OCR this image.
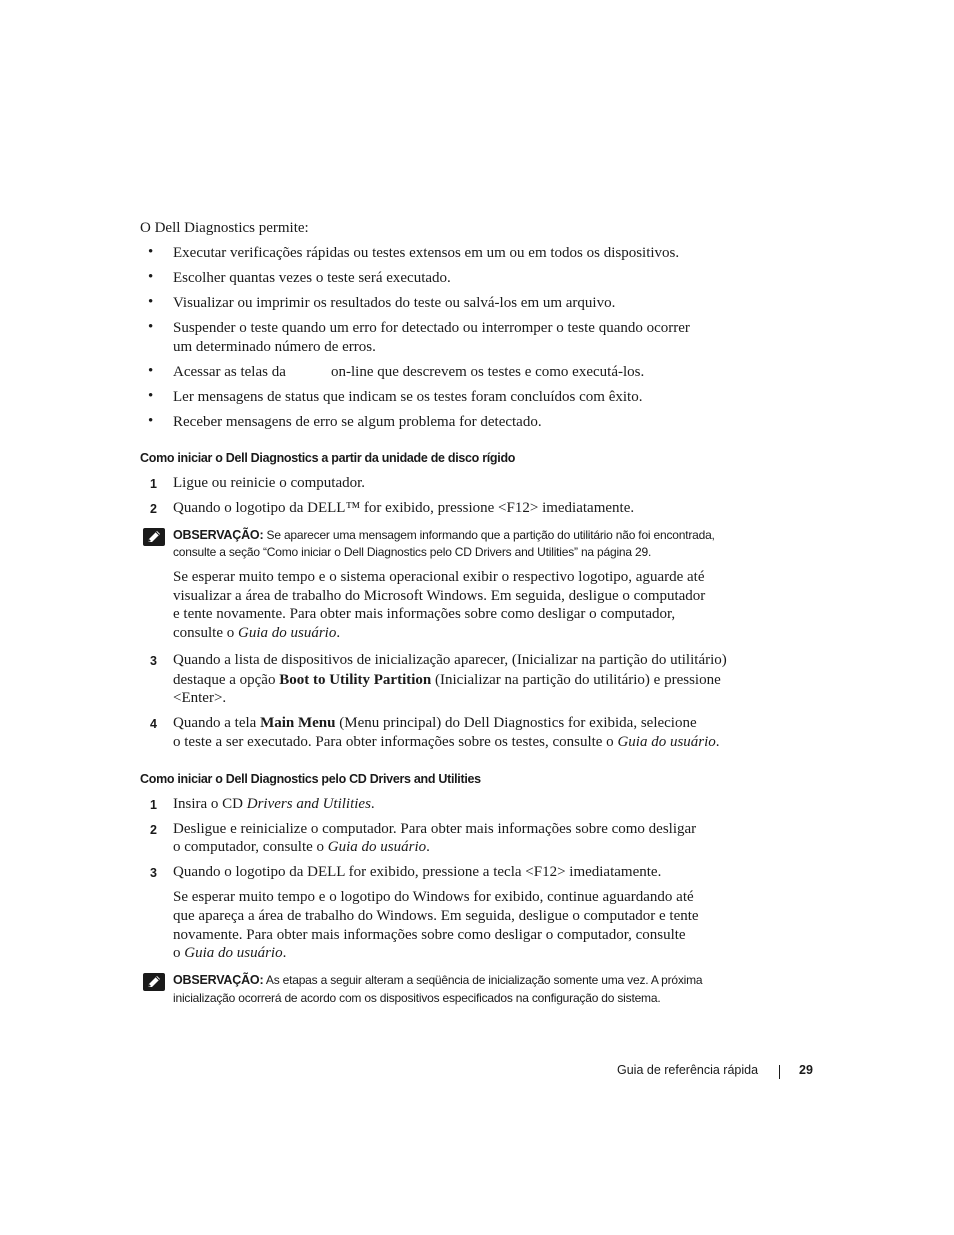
O Dell Diagnostics permite:
• Executar verificações rápidas ou testes extensos em um ou em todos os dispositivos.
• Escolher quantas vezes o teste será executado.
• Visualizar ou imprimir os resultados do teste ou salvá-los em um arquivo.
• Suspender o teste quando um erro for detectado ou interromper o teste quando ocorrer
um determinado número de erros.
• Acessar as telas da	on-line que descrevem os testes e como executá-los.
• Ler mensagens de status que indicam se os testes foram concluídos com êxito.
• Receber mensagens de erro se algum problema for detectado.
Como iniciar o Dell Diagnostics a partir da unidade de disco rígido
1 Ligue ou reinicie o computador.
2 Quando o logotipo da DELL™ for exibido, pressione <F12> imediatamente.
OBSERVAÇÃO: Se aparecer uma mensagem informando que a partição do utilitário não foi encontrada,
consulte a seção “Como iniciar o Dell Diagnostics pelo CD Drivers and Utilities” na página 29.
Se esperar muito tempo e o sistema operacional exibir o respectivo logotipo, aguarde até
visualizar a área de trabalho do Microsoft Windows. Em seguida, desligue o computador
e tente novamente. Para obter mais informações sobre como desligar o computador,
consulte o Guia do usuário.
3 Quando a lista de dispositivos de inicialização aparecer, (Inicializar na partição do utilitário)
destaque a opção Boot to Utility Partition (Inicializar na partição do utilitário) e pressione
<Enter>.
4 Quando a tela Main Menu (Menu principal) do Dell Diagnostics for exibida, selecione
o teste a ser executado. Para obter informações sobre os testes, consulte o Guia do usuário.
Como iniciar o Dell Diagnostics pelo CD Drivers and Utilities
1 Insira o CD Drivers and Utilities.
2 Desligue e reinicialize o computador. Para obter mais informações sobre como desligar
o computador, consulte o Guia do usuário.
3 Quando o logotipo da DELL for exibido, pressione a tecla <F12> imediatamente.
Se esperar muito tempo e o logotipo do Windows for exibido, continue aguardando até
que apareça a área de trabalho do Windows. Em seguida, desligue o computador e tente
novamente. Para obter mais informações sobre como desligar o computador, consulte
o Guia do usuário.
OBSERVAÇÃO: As etapas a seguir alteram a seqüência de inicialização somente uma vez. A próxima
inicialização ocorrerá de acordo com os dispositivos especificados na configuração do sistema.
Guia de referência rápida	29
